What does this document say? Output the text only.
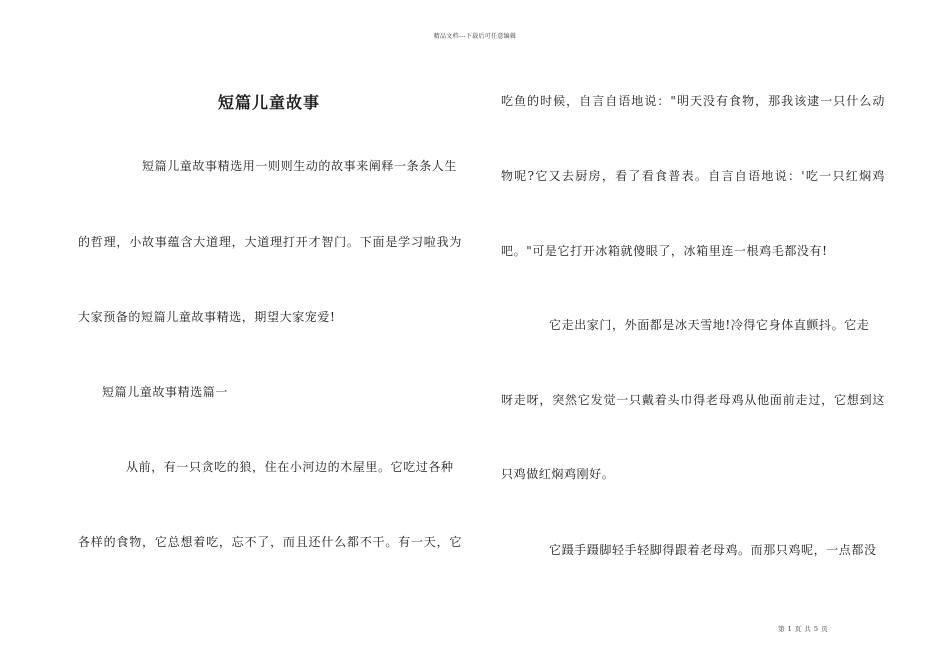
精品文档---下载后可任意编辑
短篇儿童故事
短篇儿童故事精选用一则则生动的故事来阐释一条条人生
的哲理，小故事蕴含大道理，大道理打开才智门。下面是学习啦我为
大家预备的短篇儿童故事精选，期望大家宠爱!
短篇儿童故事精选篇一
从前，有一只贪吃的狼，住在小河边的木屋里。它吃过各种
各样的食物，它总想着吃，忘不了，而且还什么都不干。有一天，它
吃鱼的时候，自言自语地说："明天没有食物，那我该逮一只什么动
物呢?它又去厨房，看了看食普表。自言自语地说：'吃一只红焖鸡
吧。"可是它打开冰箱就傻眼了，冰箱里连一根鸡毛都没有!
它走出家门，外面都是冰天雪地!冷得它身体直颤抖。它走
呀走呀，突然它发觉一只戴着头巾得老母鸡从他面前走过，它想到这
只鸡做红焖鸡刚好。
它蹑手蹑脚轻手轻脚得跟着老母鸡。而那只鸡呢，一点都没
第 1 页 共 5 页
